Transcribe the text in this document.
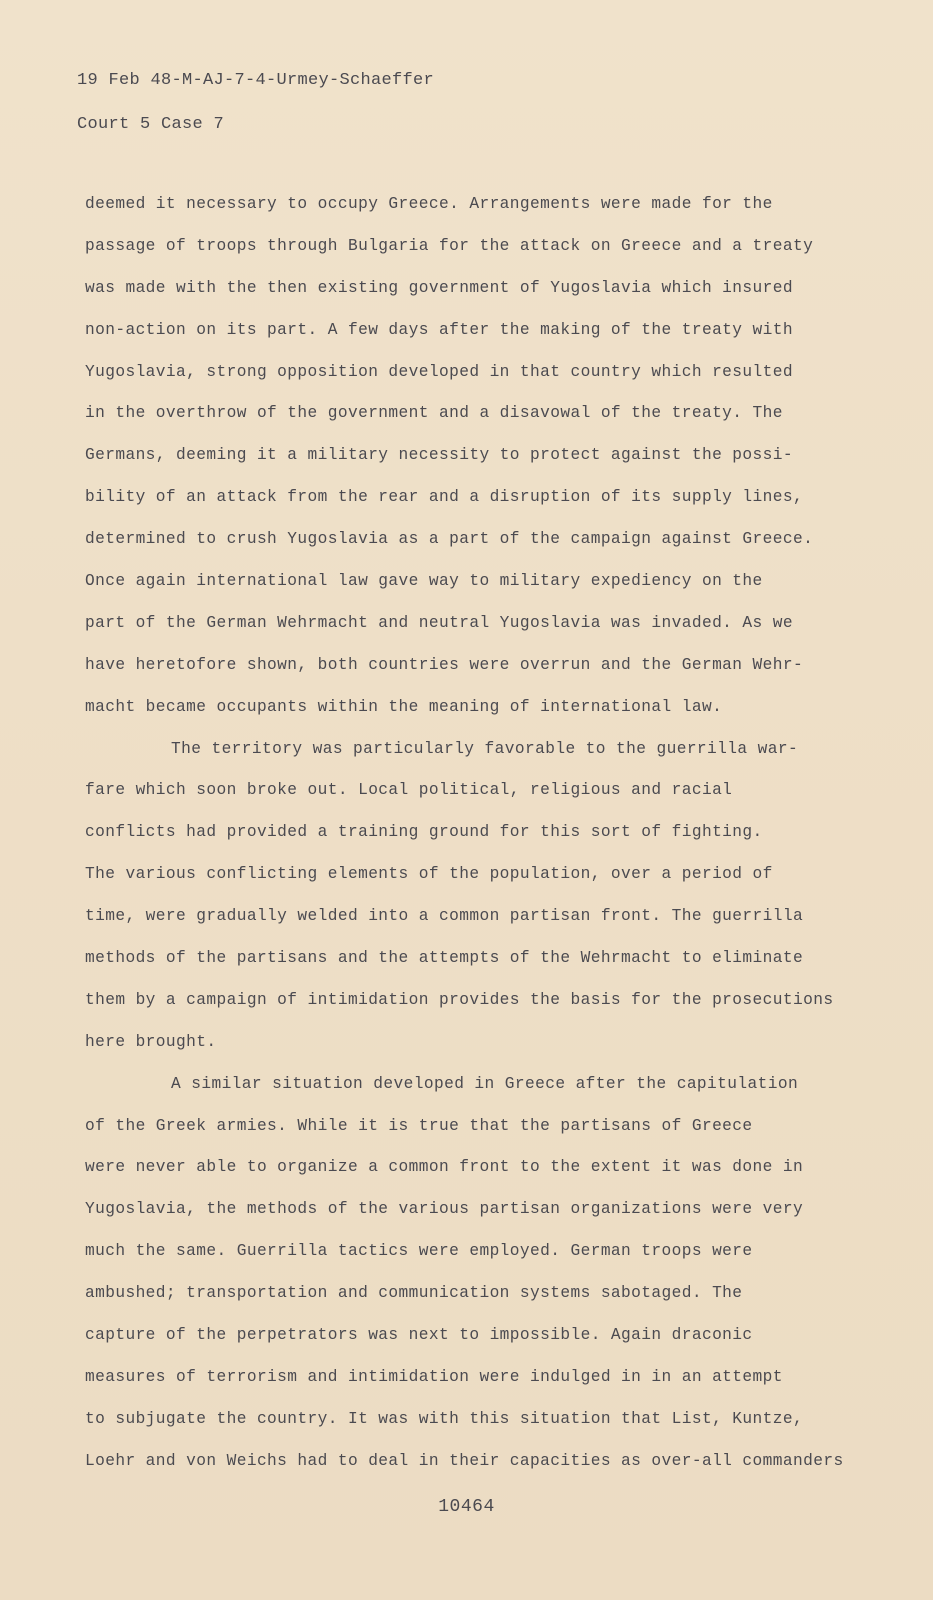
19 Feb 48-M-AJ-7-4-Urmey-Schaeffer
Court 5 Case 7
deemed it necessary to occupy Greece. Arrangements were made for the
passage of troops through Bulgaria for the attack on Greece and a treaty
was made with the then existing government of Yugoslavia which insured
non-action on its part. A few days after the making of the treaty with
Yugoslavia, strong opposition developed in that country which resulted
in the overthrow of the government and a disavowal of the treaty. The
Germans, deeming it a military necessity to protect against the possi-
bility of an attack from the rear and a disruption of its supply lines,
determined to crush Yugoslavia as a part of the campaign against Greece.
Once again international law gave way to military expediency on the
part of the German Wehrmacht and neutral Yugoslavia was invaded. As we
have heretofore shown, both countries were overrun and the German Wehr-
macht became occupants within the meaning of international law.
The territory was particularly favorable to the guerrilla war-
fare which soon broke out. Local political, religious and racial
conflicts had provided a training ground for this sort of fighting.
The various conflicting elements of the population, over a period of
time, were gradually welded into a common partisan front. The guerrilla
methods of the partisans and the attempts of the Wehrmacht to eliminate
them by a campaign of intimidation provides the basis for the prosecutions
here brought.
A similar situation developed in Greece after the capitulation
of the Greek armies. While it is true that the partisans of Greece
were never able to organize a common front to the extent it was done in
Yugoslavia, the methods of the various partisan organizations were very
much the same. Guerrilla tactics were employed. German troops were
ambushed; transportation and communication systems sabotaged. The
capture of the perpetrators was next to impossible. Again draconic
measures of terrorism and intimidation were indulged in in an attempt
to subjugate the country. It was with this situation that List, Kuntze,
Loehr and von Weichs had to deal in their capacities as over-all commanders
10464
